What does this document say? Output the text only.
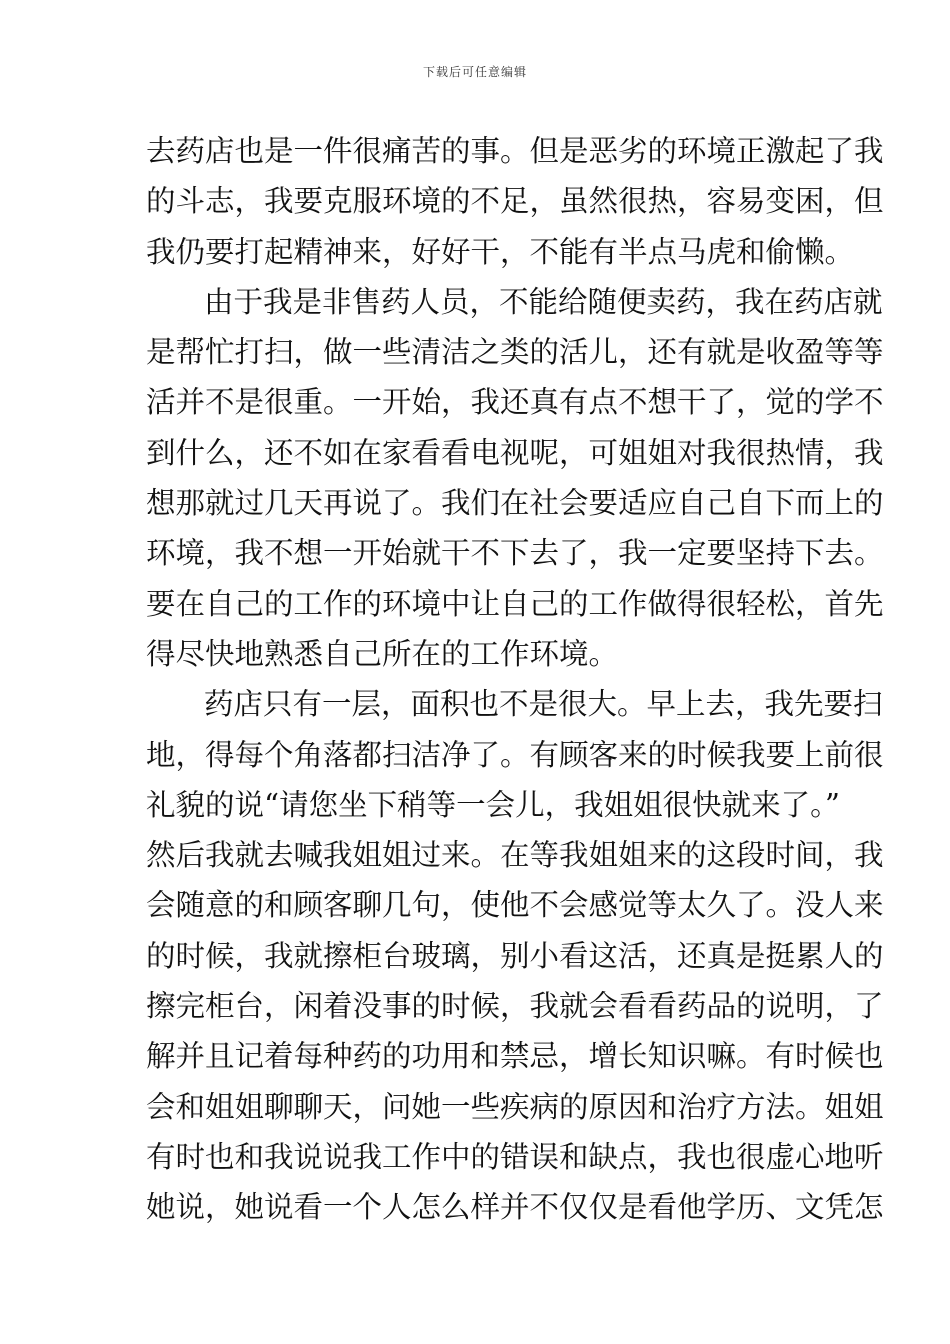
下载后可任意编辑
去药店也是一件很痛苦的事。但是恶劣的环境正激起了我
的斗志，我要克服环境的不足，虽然很热，容易变困，但
我仍要打起精神来，好好干，不能有半点马虎和偷懒。
由于我是非售药人员，不能给随便卖药，我在药店就
是帮忙打扫，做一些清洁之类的活儿，还有就是收盈等等
活并不是很重。一开始，我还真有点不想干了，觉的学不
到什么，还不如在家看看电视呢，可姐姐对我很热情，我
想那就过几天再说了。我们在社会要适应自己自下而上的
环境，我不想一开始就干不下去了，我一定要坚持下去。
要在自己的工作的环境中让自己的工作做得很轻松，首先
得尽快地熟悉自己所在的工作环境。
药店只有一层，面积也不是很大。早上去，我先要扫
地，得每个角落都扫洁净了。有顾客来的时候我要上前很
礼貌的说“请您坐下稍等一会儿，我姐姐很快就来了。”
然后我就去喊我姐姐过来。在等我姐姐来的这段时间，我
会随意的和顾客聊几句，使他不会感觉等太久了。没人来
的时候，我就擦柜台玻璃，别小看这活，还真是挺累人的
擦完柜台，闲着没事的时候，我就会看看药品的说明，了
解并且记着每种药的功用和禁忌，增长知识嘛。有时候也
会和姐姐聊聊天，问她一些疾病的原因和治疗方法。姐姐
有时也和我说说我工作中的错误和缺点，我也很虚心地听
她说，她说看一个人怎么样并不仅仅是看他学历、文凭怎
